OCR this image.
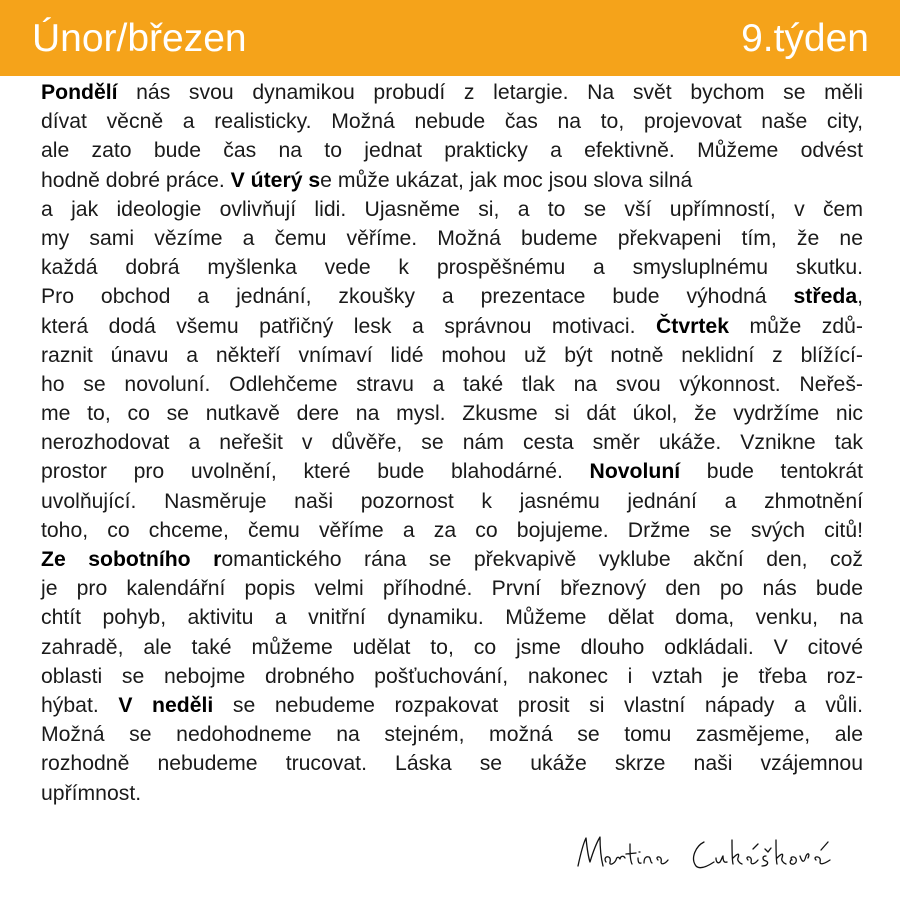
Únor/březen	9.týden
Pondělí nás svou dynamikou probudí z letargie. Na svět bychom se měli
dívat věcně a realisticky. Možná nebude čas na to, projevovat naše city,
ale zato bude čas na to jednat prakticky a efektivně. Můžeme odvést
hodně dobré práce. V úterý se může ukázat, jak moc jsou slova silná
a jak ideologie ovlivňují lidi. Ujasněme si, a to se vší upřímností, v čem
my sami vězíme a čemu věříme. Možná budeme překvapeni tím, že ne
každá dobrá myšlenka vede k prospěšnému a smysluplnému skutku.
Pro obchod a jednání, zkoušky a prezentace bude výhodná středa,
která dodá všemu patřičný lesk a správnou motivaci. Čtvrtek může zdů-
raznit únavu a někteří vnímaví lidé mohou už být notně neklidní z blížící-
ho se novoluní. Odlehčeme stravu a také tlak na svou výkonnost. Neřeš-
me to, co se nutkavě dere na mysl. Zkusme si dát úkol, že vydržíme nic
nerozhodovat a neřešit v důvěře, se nám cesta směr ukáže. Vznikne tak
prostor pro uvolnění, které bude blahodárné. Novoluní bude tentokrát
uvolňující. Nasměruje naši pozornost k jasnému jednání a zhmotnění
toho, co chceme, čemu věříme a za co bojujeme. Držme se svých citů!
Ze sobotního romantického rána se překvapivě vyklube akční den, což
je pro kalendářní popis velmi příhodné. První březnový den po nás bude
chtít pohyb, aktivitu a vnitřní dynamiku. Můžeme dělat doma, venku, na
zahradě, ale také můžeme udělat to, co jsme dlouho odkládali. V citové
oblasti se nebojme drobného pošťuchování, nakonec i vztah je třeba roz-
hýbat. V neděli se nebudeme rozpakovat prosit si vlastní nápady a vůli.
Možná se nedohodneme na stejném, možná se tomu zasmějeme, ale
rozhodně nebudeme trucovat. Láska se ukáže skrze naši vzájemnou
upřímnost.
